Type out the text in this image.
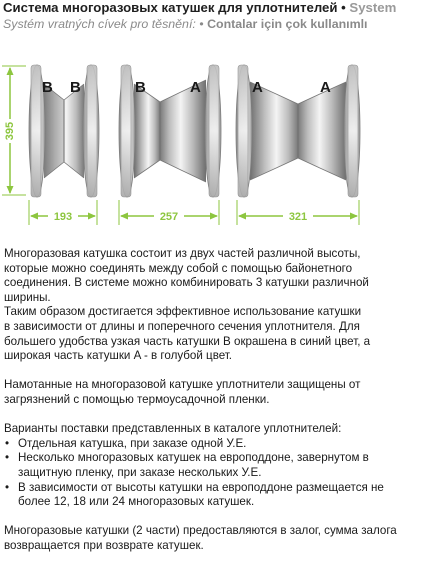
Система многоразовых катушек для уплотнителей • System
Systém vratných cívek pro těsnění: • Contalar için çok kullanımlı
395
B B	B	A	A	A
193	257	321

Многоразовая катушка состоит из двух частей различной высоты,
которые можно соединять между собой с помощью байонетного
соединения. В системе можно комбинировать 3 катушки различной
ширины.
Таким образом достигается эффективное использование катушки
в зависимости от длины и поперечного сечения уплотнителя. Для
большего удобства узкая часть катушки B окрашена в синий цвет, а
широкая часть катушки A - в голубой цвет.

Намотанные на многоразовой катушке уплотнители защищены от
загрязнений с помощью термоусадочной пленки.

Варианты поставки представленных в каталоге уплотнителей:

• Отдельная катушка, при заказе одной У.Е.
• Несколько многоразовых катушек на европоддоне, завернутом в
защитную пленку, при заказе нескольких У.Е.
• В зависимости от высоты катушки на европоддоне размещается не
более 12, 18 или 24 многоразовых катушек.

Многоразовые катушки (2 части) предоставляются в залог, сумма залога
возвращается при возврате катушек.
